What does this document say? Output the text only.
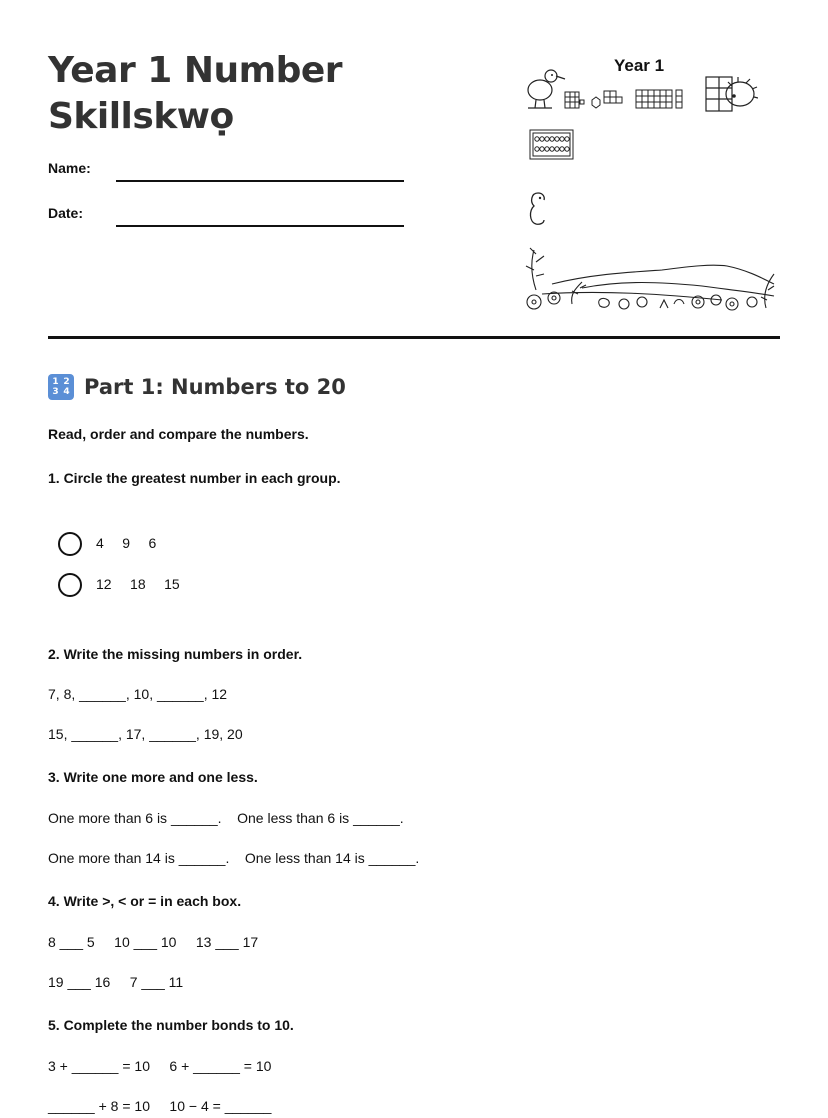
Year 1 Number Skillskwọ
Name:
Date:
Year 1
1 2
3 4 Part 1: Numbers to 20
Read, order and compare the numbers.
1. Circle the greatest number in each group.
4 9 6
12 18 15
2. Write the missing numbers in order.
7, 8, ______, 10, ______, 12
15, ______, 17, ______, 19, 20
3. Write one more and one less.
One more than 6 is ______.    One less than 6 is ______.
One more than 14 is ______.    One less than 14 is ______.
4. Write >, < or = in each box.
8 ___ 5     10 ___ 10     13 ___ 17
19 ___ 16     7 ___ 11
5. Complete the number bonds to 10.
3 + ______ = 10     6 + ______ = 10
______ + 8 = 10     10 − 4 = ______
